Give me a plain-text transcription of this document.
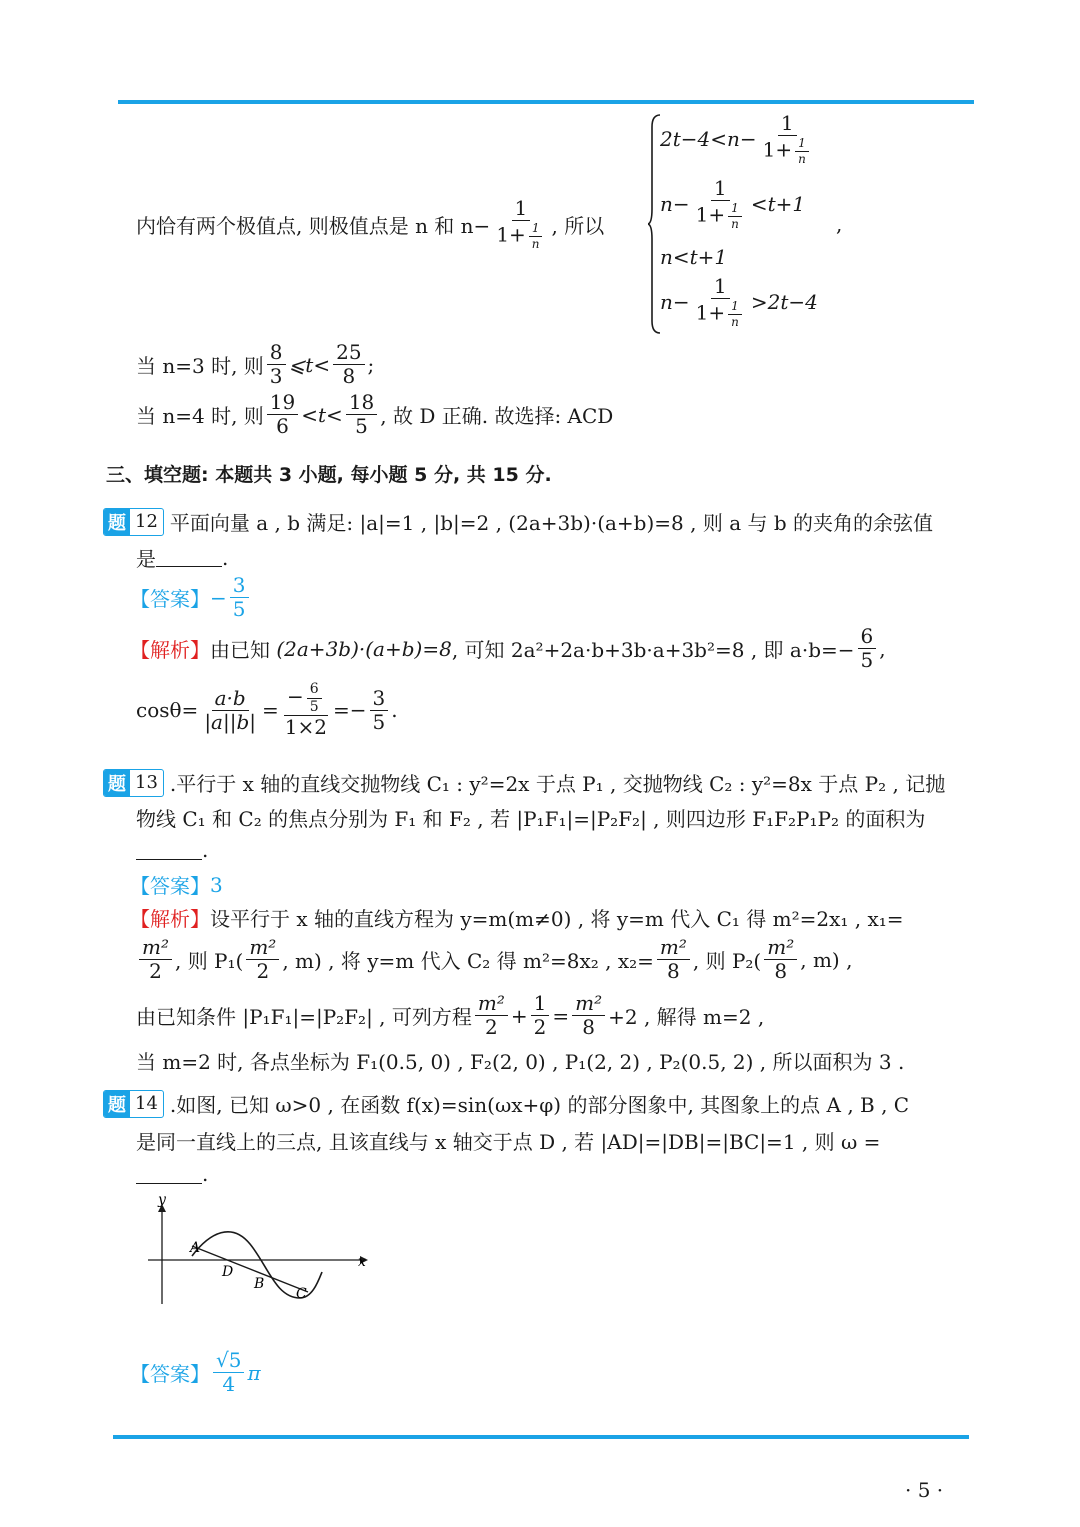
内恰有两个极值点, 则极值点是 n 和 $n- \frac{1}{1+ \frac{1}{n}}$ , 所以
$2t-4<n- \frac{1}{1+ \frac{1}{n}}$
$n- \frac{1}{1+ \frac{1}{n}} <t+1$
,
n<t+1
$n- \frac{1}{1+ \frac{1}{n}} >2t-4$
当 n=3 时, 则 $\frac{8}{3}$ ⩽t< $\frac{25}{8}$ ;
当 n=4 时, 则 $\frac{19}{6} <t< \frac{18}{5}$ , 故 D 正确. 故选择: ACD
三、填空题: 本题共 3 小题, 每小题 5 分, 共 15 分.
题 12 平面向量 a , b 满足: |a|=1 , |b|=2 , (2a+3b)·(a+b)=8 , 则 a 与 b 的夹角的余弦值
是	.
【答案】 − $\frac{3}{5}$
【解析】 由已知
(2a+3b)·(a+b)=8 , 可知 2a²+2a·b+3b·a+3b²=8 , 即 $a\cdot b=- \frac{6}{5}$ ,
$\cos\theta= \frac{a\cdot b}{|a||b|} = \frac{- \frac{6}{5}}{1\times 2} =- \frac{3}{5}$ .
题 13 .平行于 x 轴的直线交抛物线 C₁ : y²=2x 于点 P₁ , 交抛物线 C₂ : y²=8x 于点 P₂ , 记抛
物线 C₁ 和 C₂ 的焦点分别为 F₁ 和 F₂ , 若 |P₁F₁|=|P₂F₂| , 则四边形 F₁F₂P₁P₂ 的面积为
.
【答案】 3
【解析】 设平行于 x 轴的直线方程为 y=m(m≠0) , 将 y=m 代入 C₁ 得 m²=2x₁ , x₁=
$\frac{\text{m²}}{2}$ , 则 $P_1( \frac{\text{m²}}{2}$ , m) , 将 y=m 代入 C₂ 得 m²=8x₂ , $x_2= \frac{\text{m²}}{8}$ , 则 $P_2( \frac{\text{m²}}{8}$ , m) ,
由已知条件 |P₁F₁|=|P₂F₂| , 可列方程 $\frac{\text{m²}}{2} + \frac{1}{2} = \frac{\text{m²}}{8} +2$ , 解得 m=2 ,
当 m=2 时, 各点坐标为 F₁(0.5, 0) , F₂(2, 0) , P₁(2, 2) , P₂(0.5, 2) , 所以面积为 3 .
题 14 .如图, 已知 ω>0 , 在函数 f(x)=sin(ωx+φ) 的部分图象中, 其图象上的点 A , B , C
是同一直线上的三点, 且该直线与 x 轴交于点 D , 若 |AD|=|DB|=|BC|=1 , 则 ω =
.
y
x
A
D
B
C
【答案】 $\frac{√5}{4}$ π
· 5 ·
